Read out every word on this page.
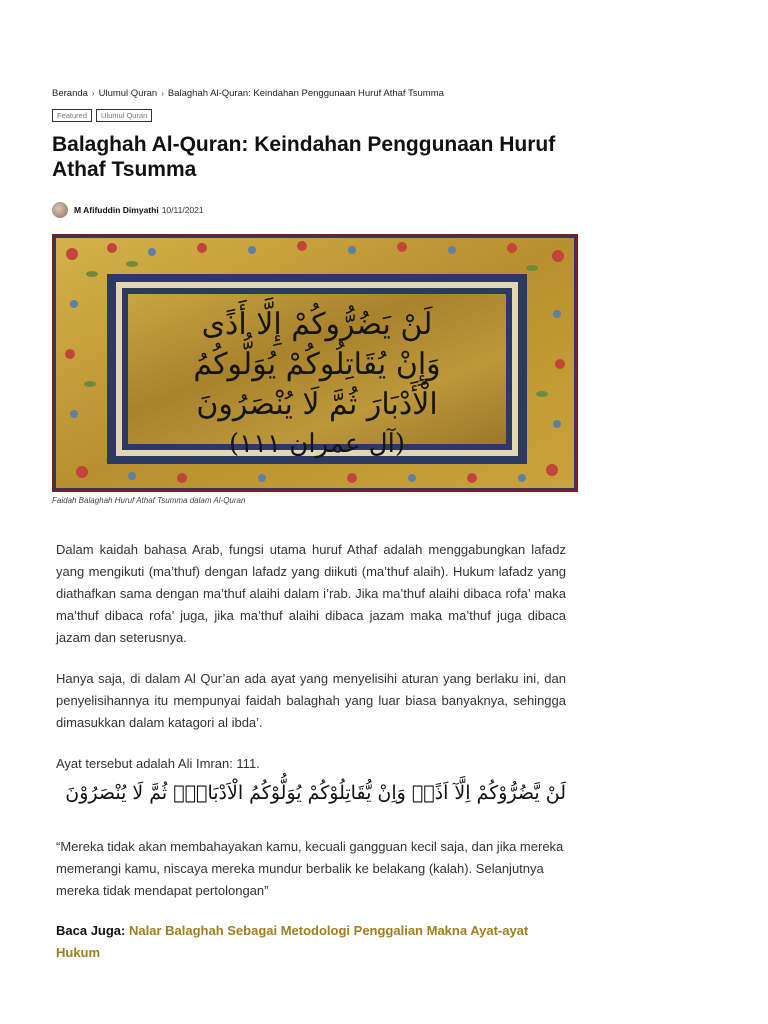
Beranda › Ulumul Quran › Balaghah Al-Quran: Keindahan Penggunaan Huruf Athaf Tsumma
Featured	Ulumul Quran
Balaghah Al-Quran: Keindahan Penggunaan Huruf Athaf Tsumma
M Afifuddin Dimyathi 10/11/2021
لَنْ يَضُرُّوكُمْ إِلَّا أَذًى
وَإِنْ يُقَاتِلُوكُمْ يُوَلُّوكُمُ
الْأَدْبَارَ ثُمَّ لَا يُنْصَرُونَ
(آل عمران ١١١)
Faidah Balaghah Huruf Athaf Tsumma dalam Al-Quran

Dalam kaidah bahasa Arab, fungsi utama huruf Athaf adalah menggabungkan lafadz yang mengikuti (ma’thuf) dengan lafadz yang diikuti (ma’thuf alaih). Hukum lafadz yang diathafkan sama dengan ma’thuf alaihi dalam i’rab. Jika ma’thuf alaihi dibaca rofa’ maka ma’thuf dibaca rofa’ juga, jika ma’thuf alaihi dibaca jazam maka ma’thuf juga dibaca jazam dan seterusnya.

Hanya saja, di dalam Al Qur’an ada ayat yang menyelisihi aturan yang berlaku ini, dan penyelisihannya itu mempunyai faidah balaghah yang luar biasa banyaknya, sehingga dimasukkan dalam katagori al ibda’.

Ayat tersebut adalah Ali Imran: 111.

لَنْ يَّضُرُّوْكُمْ اِلَّآ اَذًىۗ وَاِنْ يُّقَاتِلُوْكُمْ يُوَلُّوْكُمُ الْاَدْبَارَۗ ثُمَّ لَا يُنْصَرُوْنَ

“Mereka tidak akan membahayakan kamu, kecuali gangguan kecil saja, dan jika mereka memerangi kamu, niscaya mereka mundur berbalik ke belakang (kalah). Selanjutnya mereka tidak mendapat pertolongan”

Baca Juga: Nalar Balaghah Sebagai Metodologi Penggalian Makna Ayat-ayat Hukum
